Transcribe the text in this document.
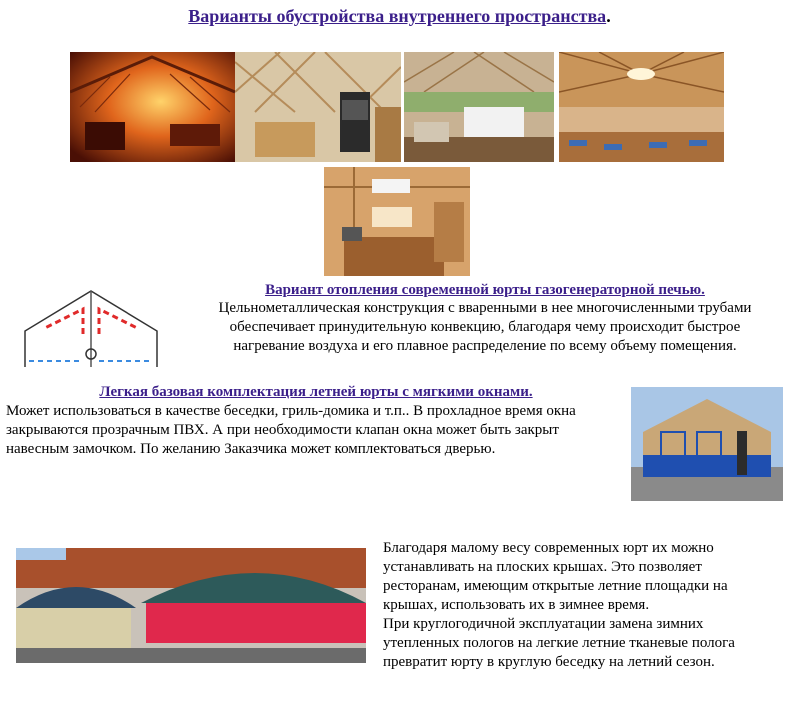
Варианты обустройства внутреннего пространства.
Вариант отопления современной юрты газогенераторной печью.
Цельнометаллическая конструкция с вваренными в нее многочисленными трубами
обеспечивает принудительную конвекцию, благодаря чему происходит быстрое
нагревание воздуха и его плавное распределение по всему объему помещения.
Легкая базовая комплектация летней юрты с мягкими окнами.
Может использоваться в качестве беседки, гриль-домика и т.п.. В прохладное время окна
закрываются прозрачным ПВХ. А при необходимости клапан окна может быть закрыт
навесным замочком. По желанию Заказчика может комплектоваться дверью.
Благодаря малому весу современных юрт их можно
устанавливать на плоских крышах. Это позволяет
ресторанам, имеющим открытые летние площадки на
крышах, использовать их в зимнее время.
При круглогодичной эксплуатации замена зимних
утепленных пологов на легкие летние тканевые полога
превратит юрту в круглую беседку на летний сезон.
